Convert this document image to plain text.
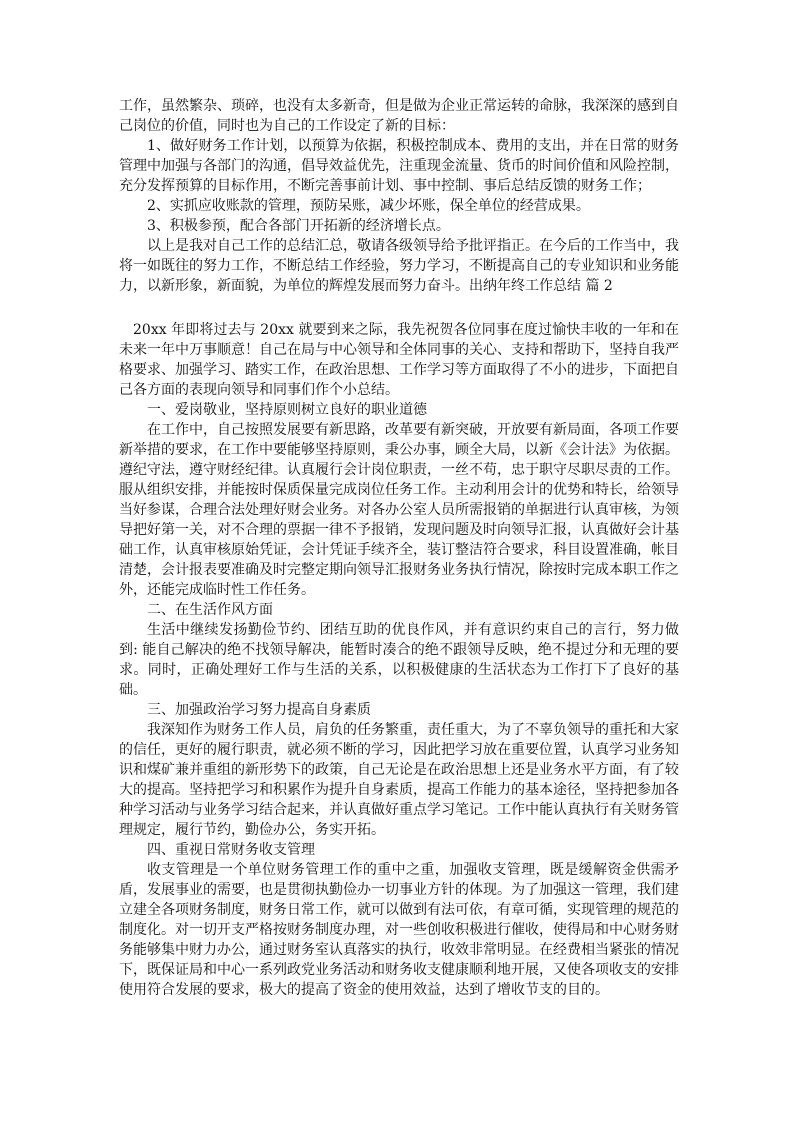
工作，虽然繁杂、琐碎，也没有太多新奇，但是做为企业正常运转的命脉，我深深的感到自己岗位的价值，同时也为自己的工作设定了新的目标：

1、做好财务工作计划，以预算为依据，积极控制成本、费用的支出，并在日常的财务管理中加强与各部门的沟通，倡导效益优先，注重现金流量、货币的时间价值和风险控制，充分发挥预算的目标作用，不断完善事前计划、事中控制、事后总结反馈的财务工作；

2、实抓应收账款的管理，预防呆账，减少坏账，保全单位的经营成果。

3、积极参预，配合各部门开拓新的经济增长点。

以上是我对自己工作的总结汇总，敬请各级领导给予批评指正。在今后的工作当中，我将一如既往的努力工作，不断总结工作经验，努力学习，不断提高自己的专业知识和业务能力，以新形象，新面貌，为单位的辉煌发展而努力奋斗。出纳年终工作总结 篇 2

20xx 年即将过去与 20xx 就要到来之际，我先祝贺各位同事在度过愉快丰收的一年和在未来一年中万事顺意！自己在局与中心领导和全体同事的关心、支持和帮助下，坚持自我严格要求、加强学习、踏实工作，在政治思想、工作学习等方面取得了不小的进步，下面把自己各方面的表现向领导和同事们作个小总结。

一、爱岗敬业，坚持原则树立良好的职业道德

在工作中，自己按照发展要有新思路，改革要有新突破，开放要有新局面，各项工作要新举措的要求，在工作中要能够坚持原则，秉公办事，顾全大局，以新《会计法》为依据。遵纪守法，遵守财经纪律。认真履行会计岗位职责，一丝不苟，忠于职守尽职尽责的工作。服从组织安排，并能按时保质保量完成岗位任务工作。主动利用会计的优势和特长，给领导当好参谋，合理合法处理好财会业务。对各办公室人员所需报销的单据进行认真审核，为领导把好第一关，对不合理的票据一律不予报销，发现问题及时向领导汇报，认真做好会计基础工作，认真审核原始凭证，会计凭证手续齐全，装订整洁符合要求，科目设置准确，帐目清楚，会计报表要准确及时完整定期向领导汇报财务业务执行情况，除按时完成本职工作之外，还能完成临时性工作任务。

二、在生活作风方面

生活中继续发扬勤俭节约、团结互助的优良作风，并有意识约束自己的言行，努力做到: 能自己解决的绝不找领导解决，能暂时凑合的绝不跟领导反映，绝不提过分和无理的要求。同时，正确处理好工作与生活的关系，以积极健康的生活状态为工作打下了良好的基础。

三、加强政治学习努力提高自身素质

我深知作为财务工作人员，肩负的任务繁重，责任重大，为了不辜负领导的重托和大家的信任，更好的履行职责，就必须不断的学习，因此把学习放在重要位置，认真学习业务知识和煤矿兼并重组的新形势下的政策，自己无论是在政治思想上还是业务水平方面，有了较大的提高。坚持把学习和积累作为提升自身素质，提高工作能力的基本途径，坚持把参加各种学习活动与业务学习结合起来，并认真做好重点学习笔记。工作中能认真执行有关财务管理规定，履行节约，勤俭办公，务实开拓。

四、重视日常财务收支管理

收支管理是一个单位财务管理工作的重中之重，加强收支管理，既是缓解资金供需矛盾，发展事业的需要，也是贯彻执勤俭办一切事业方针的体现。为了加强这一管理，我们建立建全各项财务制度，财务日常工作，就可以做到有法可依，有章可循，实现管理的规范的制度化。对一切开支严格按财务制度办理，对一些创收积极进行催收，使得局和中心财务财务能够集中财力办公，通过财务室认真落实的执行，收效非常明显。在经费相当紧张的情况下，既保证局和中心一系列政党业务活动和财务收支健康顺利地开展，又使各项收支的安排使用符合发展的要求，极大的提高了资金的使用效益，达到了增收节支的目的。
